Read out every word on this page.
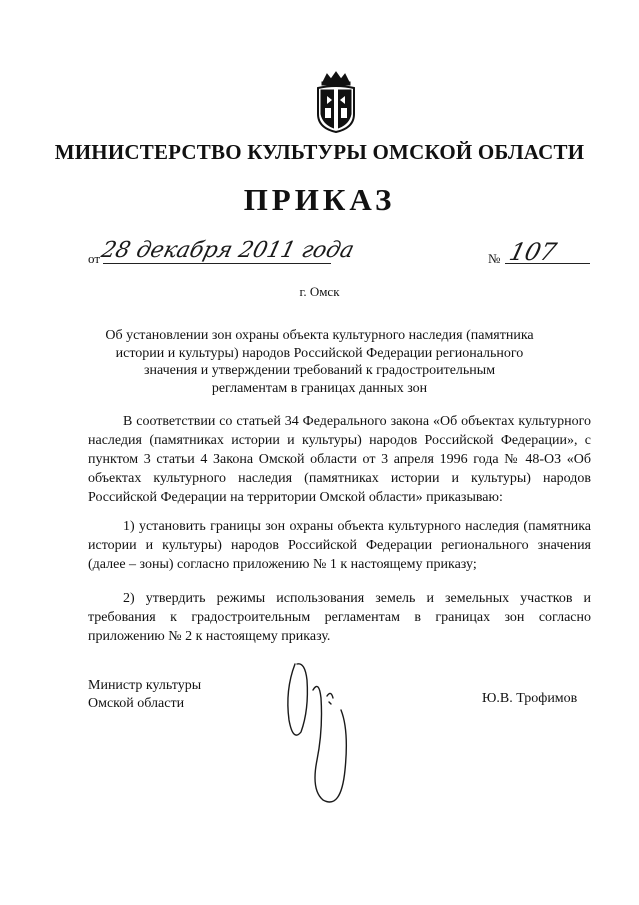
МИНИСТЕРСТВО КУЛЬТУРЫ ОМСКОЙ ОБЛАСТИ
ПРИКАЗ
от
28 декабря 2011 года	№ 107
г. Омск
Об установлении зон охраны объекта культурного наследия (памятника
истории и культуры) народов Российской Федерации регионального
значения и утверждении требований к градостроительным
регламентам в границах данных зон

В соответствии со статьей 34 Федерального закона «Об объектах культурного наследия (памятниках истории и культуры) народов Российской Федерации», с пунктом 3 статьи 4 Закона Омской области от 3 апреля 1996 года № 48-ОЗ «Об объектах культурного наследия (памятниках истории и культуры) народов Российской Федерации на территории Омской области» приказываю:

1) установить границы зон охраны объекта культурного наследия (памятника истории и культуры) народов Российской Федерации регионального значения (далее – зоны) согласно приложению № 1 к настоящему приказу;

2) утвердить режимы использования земель и земельных участков и требования к градостроительным регламентам в границах зон согласно приложению № 2 к настоящему приказу.

Министр культуры
Омской области	Ю.В. Трофимов
